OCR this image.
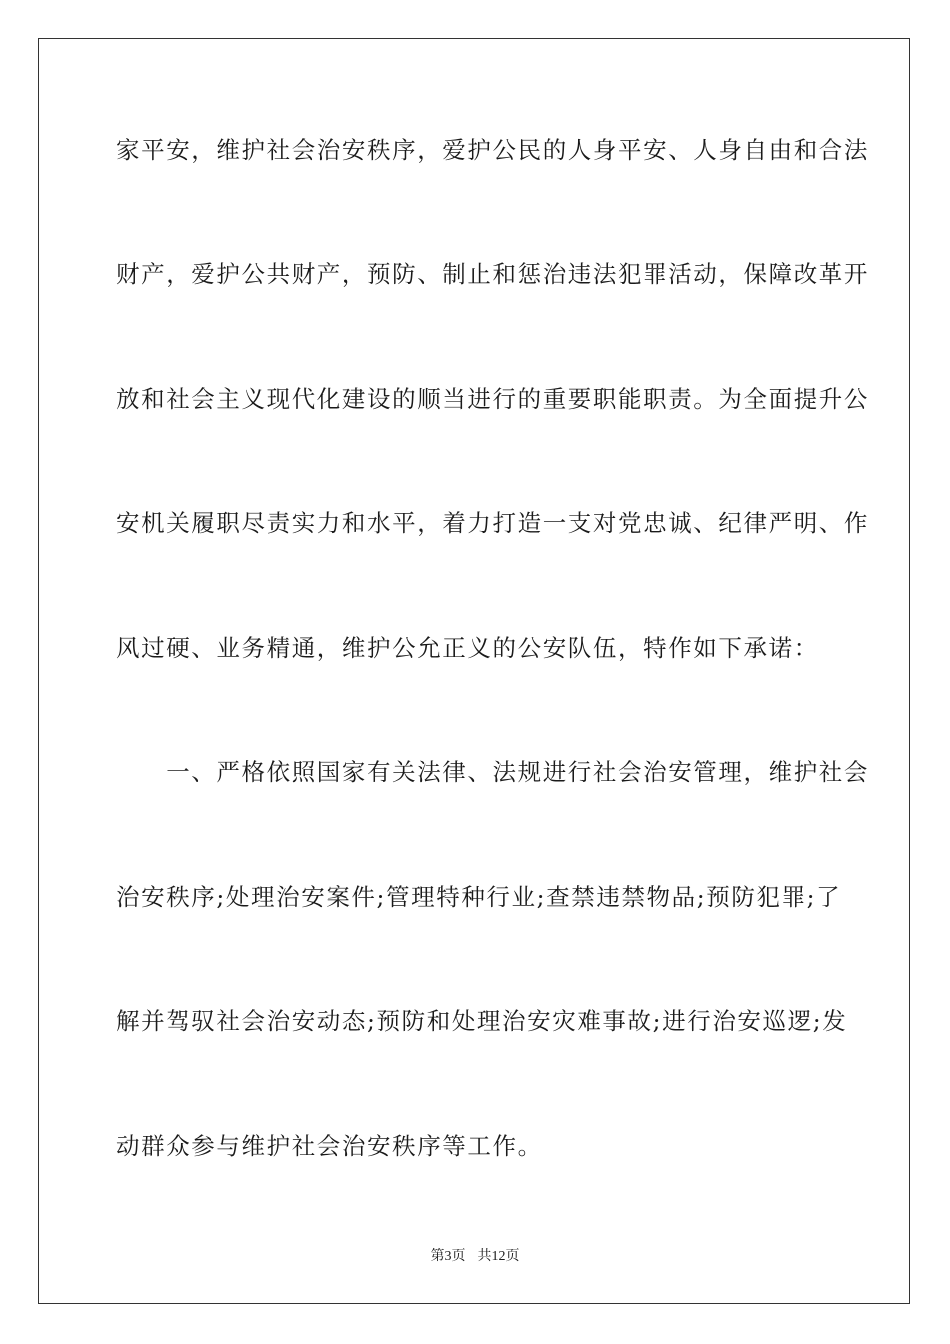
家平安，维护社会治安秩序，爱护公民的人身平安、人身自由和合法
财产，爱护公共财产，预防、制止和惩治违法犯罪活动，保障改革开
放和社会主义现代化建设的顺当进行的重要职能职责。为全面提升公
安机关履职尽责实力和水平，着力打造一支对党忠诚、纪律严明、作
风过硬、业务精通，维护公允正义的公安队伍，特作如下承诺：
　　一、严格依照国家有关法律、法规进行社会治安管理，维护社会
治安秩序;处理治安案件;管理特种行业;查禁违禁物品;预防犯罪;了
解并驾驭社会治安动态;预防和处理治安灾难事故;进行治安巡逻;发
动群众参与维护社会治安秩序等工作。
第3页 共12页
